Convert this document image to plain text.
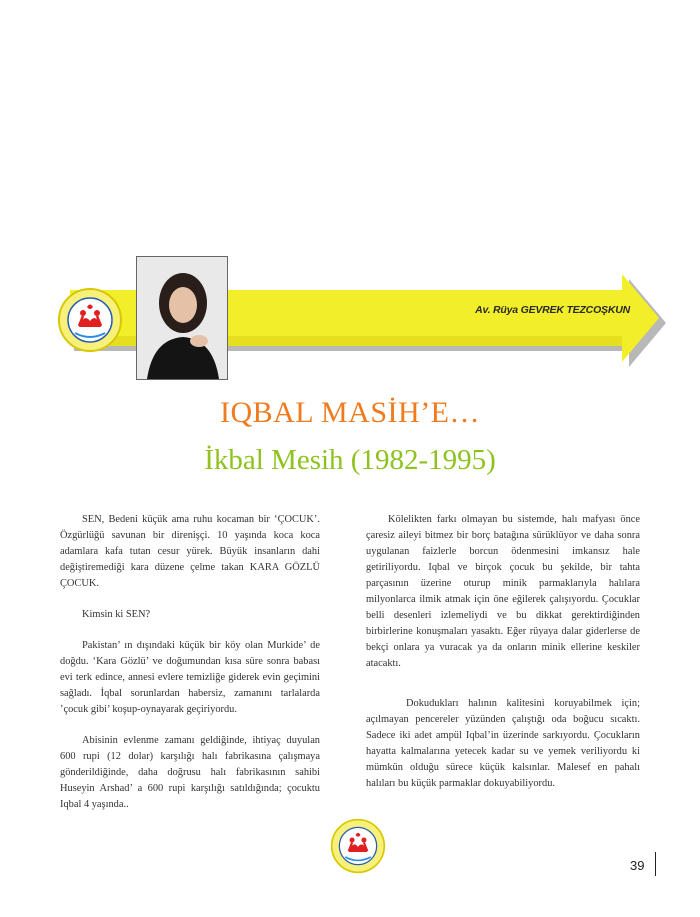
Av. Rüya GEVREK TEZCOŞKUN
IQBAL MASİH’E…
İkbal Mesih (1982-1995)

SEN, Bedeni küçük ama ruhu kocaman bir ‘ÇOCUK’. Özgürlüğü savunan bir direnişçi. 10 yaşında koca koca adamlara kafa tutan cesur yürek. Büyük insanların dahi değiştiremediği kara düzene çelme takan KARA GÖZLÜ ÇOCUK.

Kimsin ki SEN?

Pakistan’ ın dışındaki küçük bir köy olan Murkide’ de doğdu. ‘Kara Gözlü’ ve doğumundan kısa süre sonra babası evi terk edince, annesi evlere temizliğe giderek evin geçimini sağladı. İqbal sorunlardan habersiz, zamanını tarlalarda ’çocuk gibi’ koşup-oynayarak geçiriyordu.

Abisinin evlenme zamanı geldiğinde, ihtiyaç duyulan 600 rupi (12 dolar) karşılığı halı fabrikasına çalışmaya gönderildiğinde, daha doğrusu halı fabrikasının sahibi Huseyin Arshad’ a 600 rupi karşılığı satıldığında; çocuktu Iqbal 4 yaşında..

Kölelikten farkı olmayan bu sistemde, halı mafyası önce çaresiz aileyi bitmez bir borç batağına sürüklüyor ve daha sonra uygulanan faizlerle borcun ödenmesini imkansız hale getiriliyordu. Iqbal ve birçok çocuk bu şekilde, bir tahta parçasının üzerine oturup minik parmaklarıyla halılara milyonlarca ilmik atmak için öne eğilerek çalışıyordu. Çocuklar belli desenleri izlemeliydi ve bu dikkat gerektirdiğinden birbirlerine konuşmaları yasaktı. Eğer rüyaya dalar giderlerse de bekçi onlara ya vuracak ya da onların minik ellerine keskiler atacaktı.

Dokudukları halının kalitesini koruyabilmek için; açılmayan pencereler yüzünden çalıştığı oda boğucu sıcaktı. Sadece iki adet ampül Iqbal’in üzerinde sarkıyordu. Çocukların hayatta kalmalarına yetecek kadar su ve yemek veriliyordu ki mümkün olduğu sürece küçük kalsınlar. Malesef en pahalı halıları bu küçük parmaklar dokuyabiliyordu.

39
